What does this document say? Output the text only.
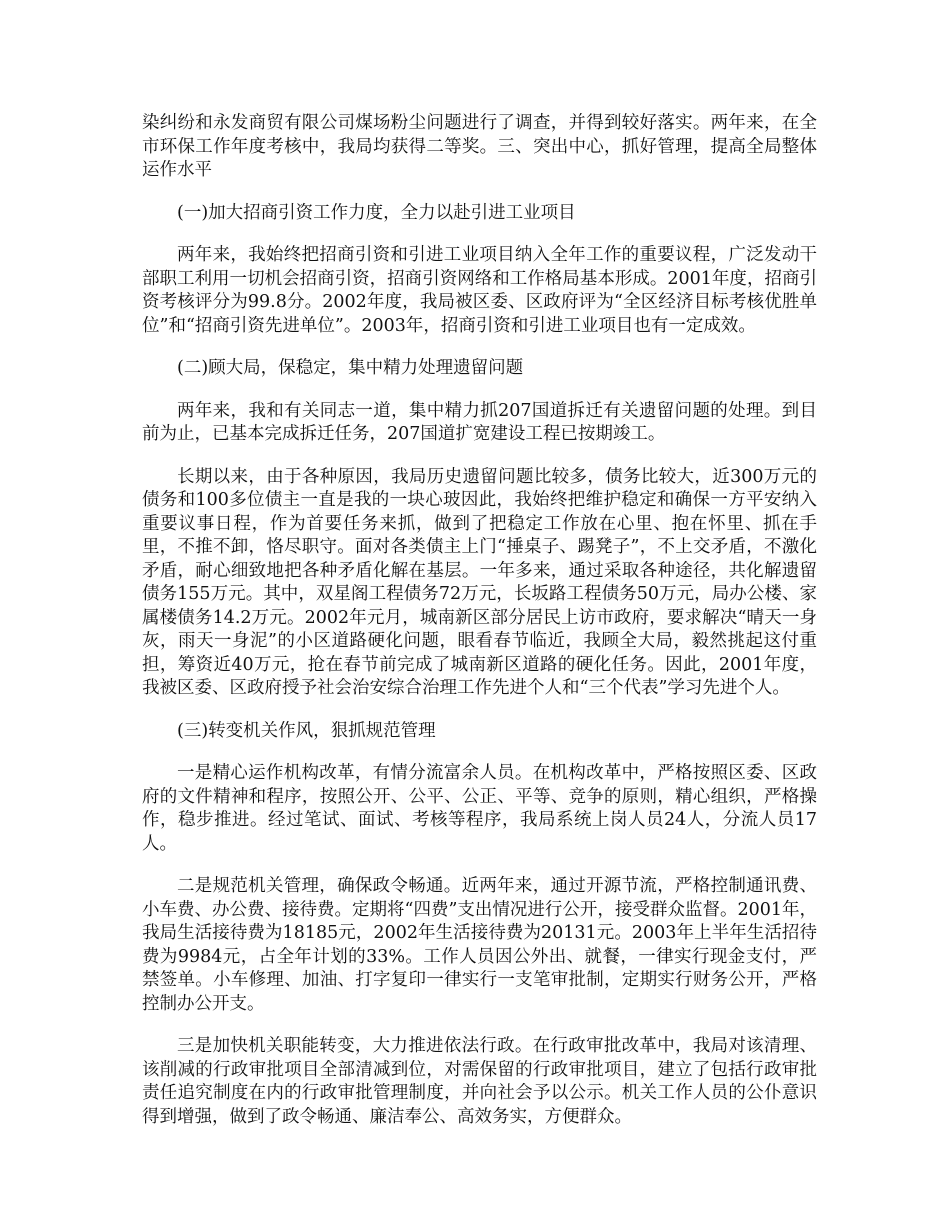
染纠纷和永发商贸有限公司煤场粉尘问题进行了调查，并得到较好落实。两年来，在全市环保工作年度考核中，我局均获得二等奖。三、突出中心，抓好管理，提高全局整体运作水平

(一)加大招商引资工作力度，全力以赴引进工业项目

两年来，我始终把招商引资和引进工业项目纳入全年工作的重要议程，广泛发动干部职工利用一切机会招商引资，招商引资网络和工作格局基本形成。2001年度，招商引资考核评分为99.8分。2002年度，我局被区委、区政府评为“全区经济目标考核优胜单位”和“招商引资先进单位”。2003年，招商引资和引进工业项目也有一定成效。

(二)顾大局，保稳定，集中精力处理遗留问题

两年来，我和有关同志一道，集中精力抓207国道拆迁有关遗留问题的处理。到目前为止，已基本完成拆迁任务，207国道扩宽建设工程已按期竣工。

长期以来，由于各种原因，我局历史遗留问题比较多，债务比较大，近300万元的债务和100多位债主一直是我的一块心玻因此，我始终把维护稳定和确保一方平安纳入重要议事日程，作为首要任务来抓，做到了把稳定工作放在心里、抱在怀里、抓在手里，不推不卸，恪尽职守。面对各类债主上门“捶桌子、踢凳子”，不上交矛盾，不激化矛盾，耐心细致地把各种矛盾化解在基层。一年多来，通过采取各种途径，共化解遗留债务155万元。其中，双星阁工程债务72万元，长坂路工程债务50万元，局办公楼、家属楼债务14.2万元。2002年元月，城南新区部分居民上访市政府，要求解决“晴天一身灰，雨天一身泥”的小区道路硬化问题，眼看春节临近，我顾全大局，毅然挑起这付重担，筹资近40万元，抢在春节前完成了城南新区道路的硬化任务。因此，2001年度，我被区委、区政府授予社会治安综合治理工作先进个人和“三个代表”学习先进个人。

(三)转变机关作风，狠抓规范管理

一是精心运作机构改革，有情分流富余人员。在机构改革中，严格按照区委、区政府的文件精神和程序，按照公开、公平、公正、平等、竞争的原则，精心组织，严格操作，稳步推进。经过笔试、面试、考核等程序，我局系统上岗人员24人，分流人员17人。

二是规范机关管理，确保政令畅通。近两年来，通过开源节流，严格控制通讯费、小车费、办公费、接待费。定期将“四费”支出情况进行公开，接受群众监督。2001年，我局生活接待费为18185元，2002年生活接待费为20131元。2003年上半年生活招待费为9984元，占全年计划的33%。工作人员因公外出、就餐，一律实行现金支付，严禁签单。小车修理、加油、打字复印一律实行一支笔审批制，定期实行财务公开，严格控制办公开支。

三是加快机关职能转变，大力推进依法行政。在行政审批改革中，我局对该清理、该削减的行政审批项目全部清减到位，对需保留的行政审批项目，建立了包括行政审批责任追究制度在内的行政审批管理制度，并向社会予以公示。机关工作人员的公仆意识得到增强，做到了政令畅通、廉洁奉公、高效务实，方便群众。
